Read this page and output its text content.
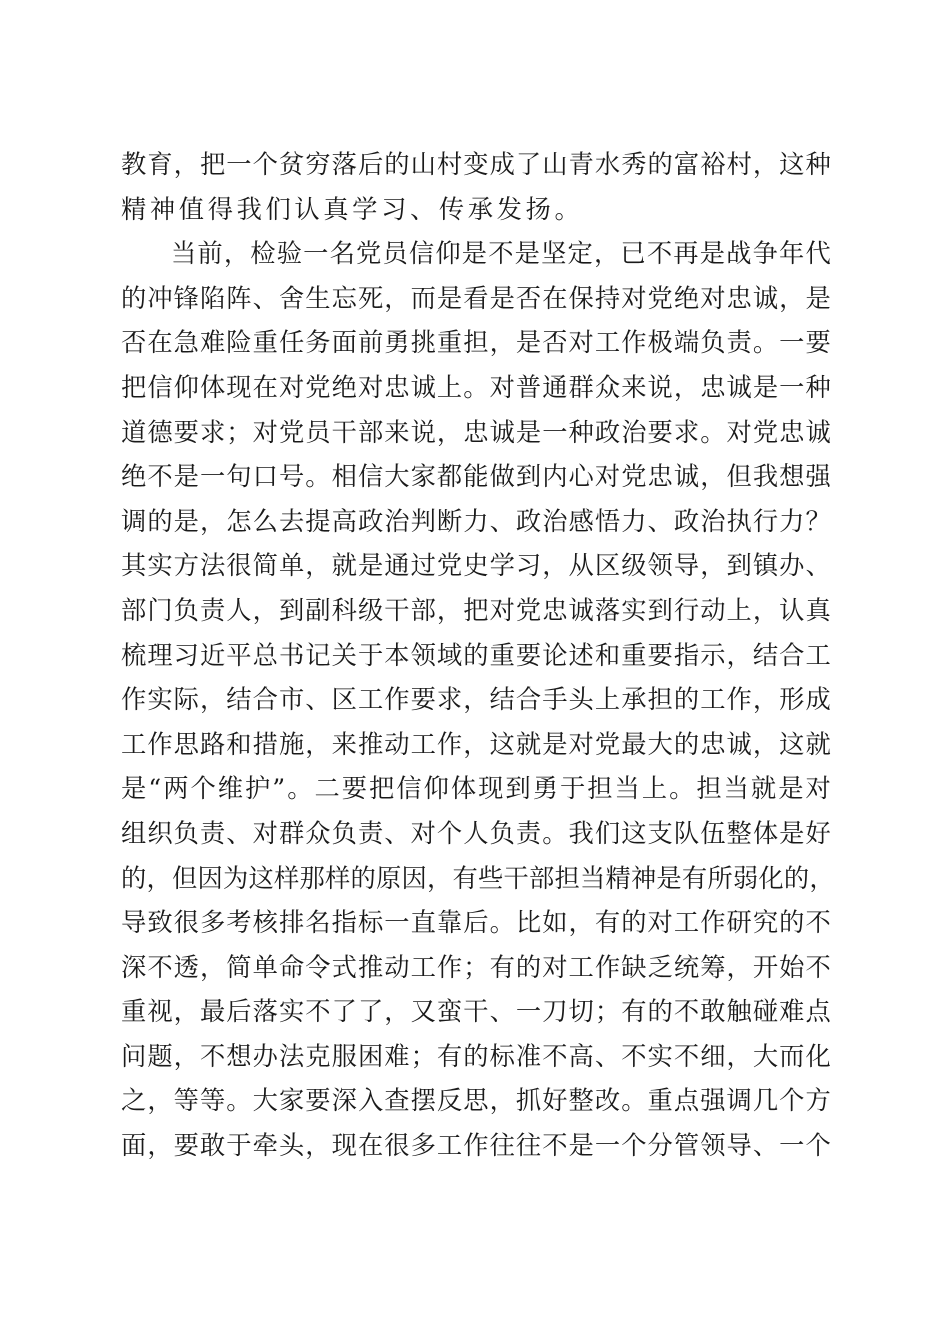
教育，把一个贫穷落后的山村变成了山青水秀的富裕村，这种
精神值得我们认真学习、传承发扬。
当前，检验一名党员信仰是不是坚定，已不再是战争年代
的冲锋陷阵、舍生忘死，而是看是否在保持对党绝对忠诚，是
否在急难险重任务面前勇挑重担，是否对工作极端负责。一要
把信仰体现在对党绝对忠诚上。对普通群众来说，忠诚是一种
道德要求；对党员干部来说，忠诚是一种政治要求。对党忠诚
绝不是一句口号。相信大家都能做到内心对党忠诚，但我想强
调的是，怎么去提高政治判断力、政治感悟力、政治执行力？
其实方法很简单，就是通过党史学习，从区级领导，到镇办、
部门负责人，到副科级干部，把对党忠诚落实到行动上，认真
梳理习近平总书记关于本领域的重要论述和重要指示，结合工
作实际，结合市、区工作要求，结合手头上承担的工作，形成
工作思路和措施，来推动工作，这就是对党最大的忠诚，这就
是“两个维护”。二要把信仰体现到勇于担当上。担当就是对
组织负责、对群众负责、对个人负责。我们这支队伍整体是好
的，但因为这样那样的原因，有些干部担当精神是有所弱化的，
导致很多考核排名指标一直靠后。比如，有的对工作研究的不
深不透，简单命令式推动工作；有的对工作缺乏统筹，开始不
重视，最后落实不了了，又蛮干、一刀切；有的不敢触碰难点
问题，不想办法克服困难；有的标准不高、不实不细，大而化
之，等等。大家要深入查摆反思，抓好整改。重点强调几个方
面，要敢于牵头，现在很多工作往往不是一个分管领导、一个
